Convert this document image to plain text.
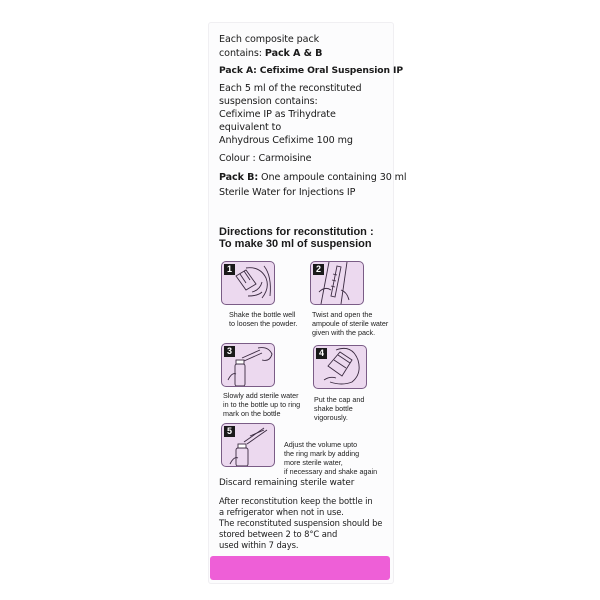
Each composite pack
contains: Pack A & B
Pack A: Cefixime Oral Suspension IP
Each 5 ml of the reconstituted
suspension contains:
Cefixime IP as Trihydrate
equivalent to
Anhydrous Cefixime 100 mg
Colour : Carmoisine
Pack B: One ampoule containing 30 ml
Sterile Water for Injections IP
Directions for reconstitution :
To make 30 ml of suspension
1
Shake the bottle well
to loosen the powder.
2
Twist and open the
ampoule of sterile water
given with the pack.
3
Slowly add sterile water
in to the bottle up to ring
mark on the bottle
4
Put the cap and
shake bottle
vigorously.
5
Adjust the volume upto
the ring mark by adding
more sterile water,
if necessary and shake again
Discard remaining sterile water
After reconstitution keep the bottle in
a refrigerator when not in use.
The reconstituted suspension should be
stored between 2 to 8°C and
used within 7 days.
